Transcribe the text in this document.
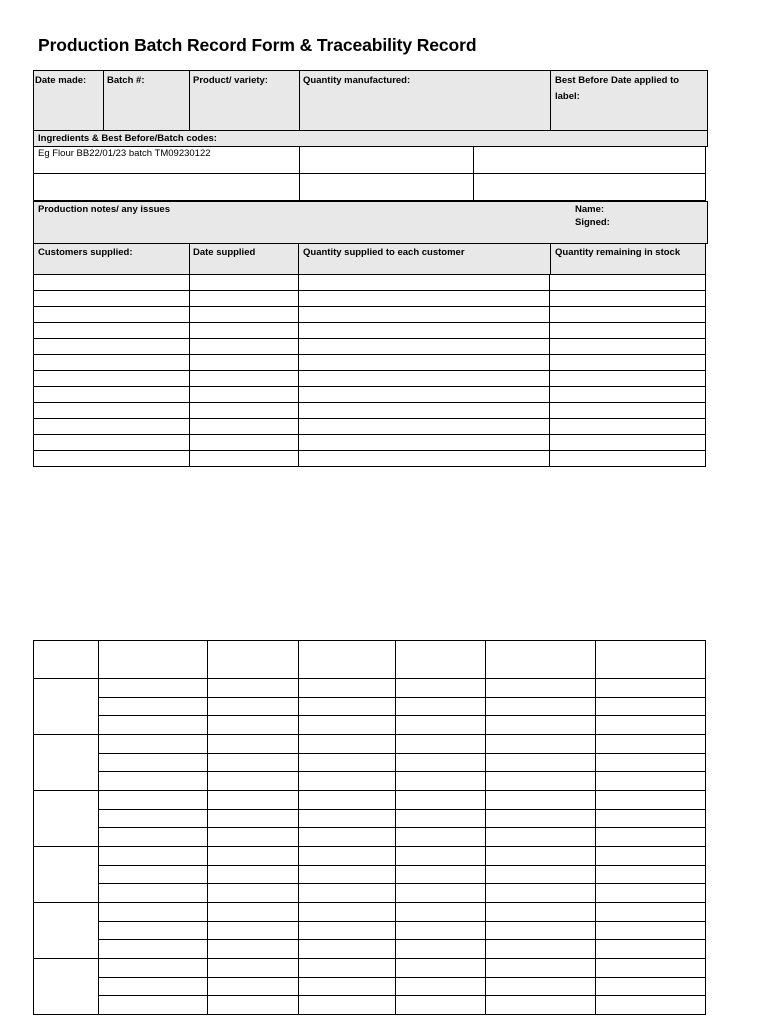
Production Batch Record Form & Traceability Record
Date made: Batch #:	Product/ variety:	Quantity manufactured:	Best Before Date applied to label:
Ingredients & Best Before/Batch codes:
Eg Flour BB22/01/23 batch TM09230122
Production notes/ any issues	Name:
Signed:
Customers supplied:	Date supplied	Quantity supplied to each customer	Quantity remaining in stock
